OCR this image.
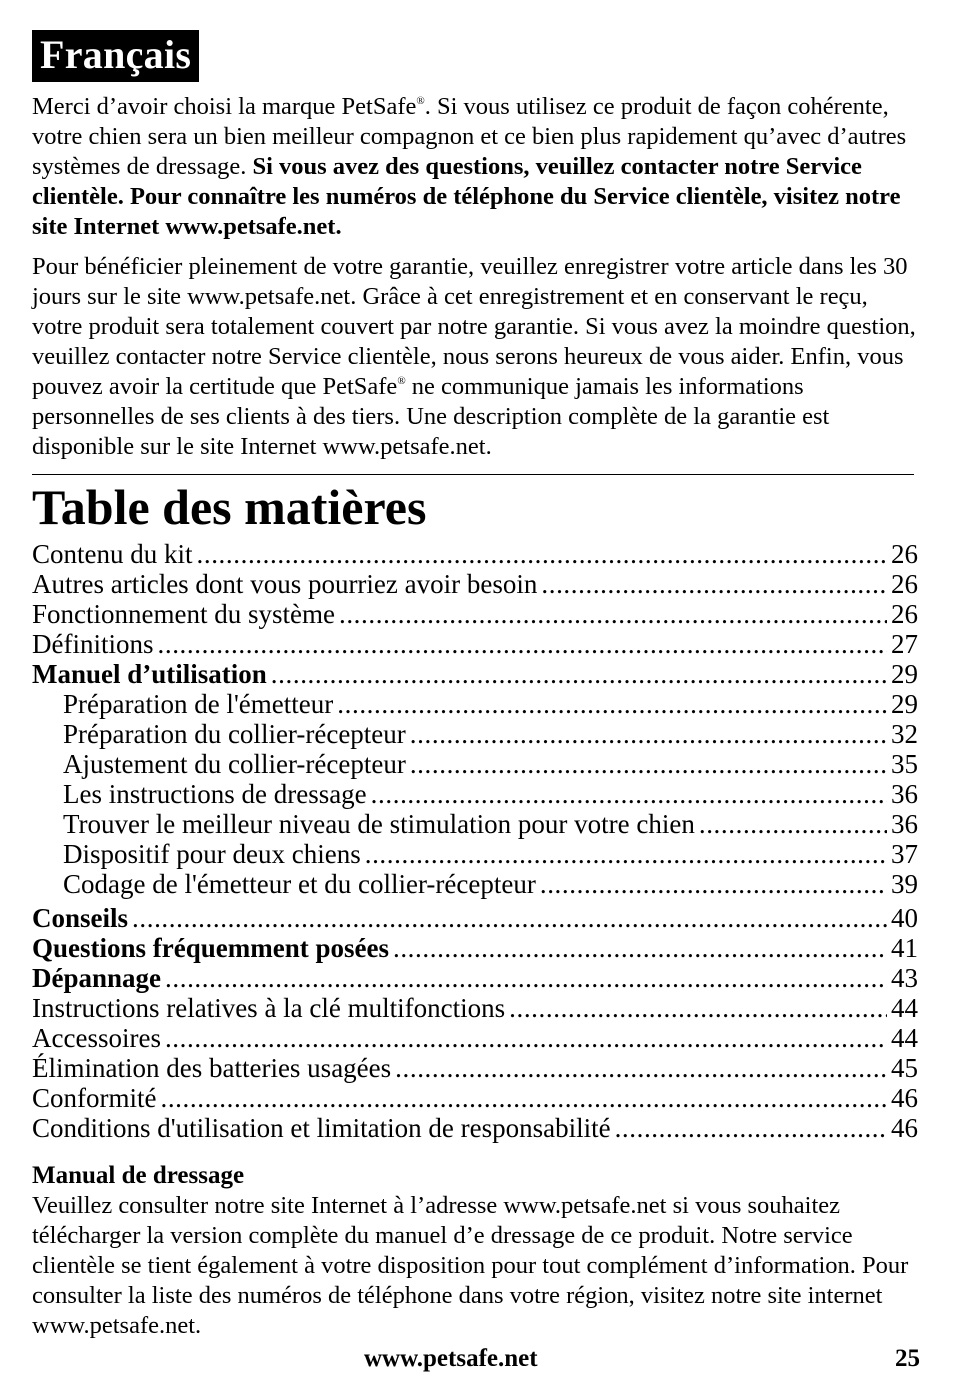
Français

Merci d’avoir choisi la marque PetSafe®. Si vous utilisez ce produit de façon cohérente, votre chien sera un bien meilleur compagnon et ce bien plus rapidement qu’avec d’autres systèmes de dressage. Si vous avez des questions, veuillez contacter notre Service clientèle. Pour connaître les numéros de téléphone du Service clientèle, visitez notre site Internet www.petsafe.net.

Pour bénéficier pleinement de votre garantie, veuillez enregistrer votre article dans les 30 jours sur le site www.petsafe.net. Grâce à cet enregistrement et en conservant le reçu, votre produit sera totalement couvert par notre garantie. Si vous avez la moindre question, veuillez contacter notre Service clientèle, nous serons heureux de vous aider. Enfin, vous pouvez avoir la certitude que PetSafe® ne communique jamais les informations personnelles de ses clients à des tiers. Une description complète de la garantie est disponible sur le site Internet www.petsafe.net.

Table des matières
Contenu du kit .....	26
Autres articles dont vous pourriez avoir besoin .....	26
Fonctionnement du système .....	26
Définitions .....	27
Manuel d’utilisation .....	29
Préparation de l'émetteur .....	29
Préparation du collier-récepteur .....	32
Ajustement du collier-récepteur .....	35
Les instructions de dressage .....	36
Trouver le meilleur niveau de stimulation pour votre chien .....	36
Dispositif pour deux chiens .....	37
Codage de l'émetteur et du collier-récepteur .....	39
Conseils .....	40
Questions fréquemment posées .....	41
Dépannage .....	43
Instructions relatives à la clé multifonctions .....	44
Accessoires .....	44
Élimination des batteries usagées .....	45
Conformité .....	46
Conditions d'utilisation et limitation de responsabilité .....	46
Manual de dressage

Veuillez consulter notre site Internet à l’adresse www.petsafe.net si vous souhaitez télécharger la version complète du manuel d’e dressage de ce produit. Notre service clientèle se tient également à votre disposition pour tout complément d’information. Pour consulter la liste des numéros de téléphone dans votre région, visitez notre site internet www.petsafe.net.

www.petsafe.net	25
